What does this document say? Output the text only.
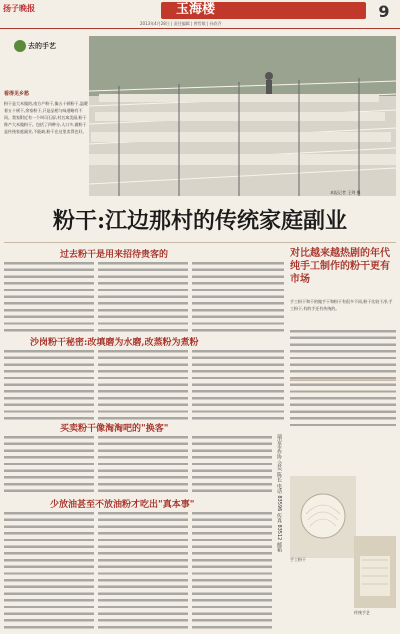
扬子晚报	玉海楼
2013年4月28日 | 责任编辑 | 曾哲敏 | 孙欣乔
9
去的手艺
本报记者 王剑 摄
看得见乡愁
粉干是大米做的,南方产粉干,像五十顿粉干,温暖着五十顿干,余家粉干,只是品相与味道略有不同。我家附近有一个叫司石屏,村名寓美丽,粉干称产大米做粉干。包括了四种分,人口多,做粉干是传统家庭副业,不能缺,粉干在这里卖得也好。
粉干:江边那村的传统家庭副业
过去粉干是用来招待贵客的
沙岗粉干秘密:改填磨为水磨,改蒸粉为煮粉
买卖粉干像淘淘吧的"换客"
少放油甚至不放油粉才吃出"真本事"
对比越来越热剧的年代 纯手工制作的粉干更有市场
手工粉干和干的做手干和粉干有很多不同,粉干比较干净,手工粉干,有的手还有传统的。
瑞安市作协 会员 陈长 电话 83596 传真 83512 邮箱
手工粉干
传统手艺
